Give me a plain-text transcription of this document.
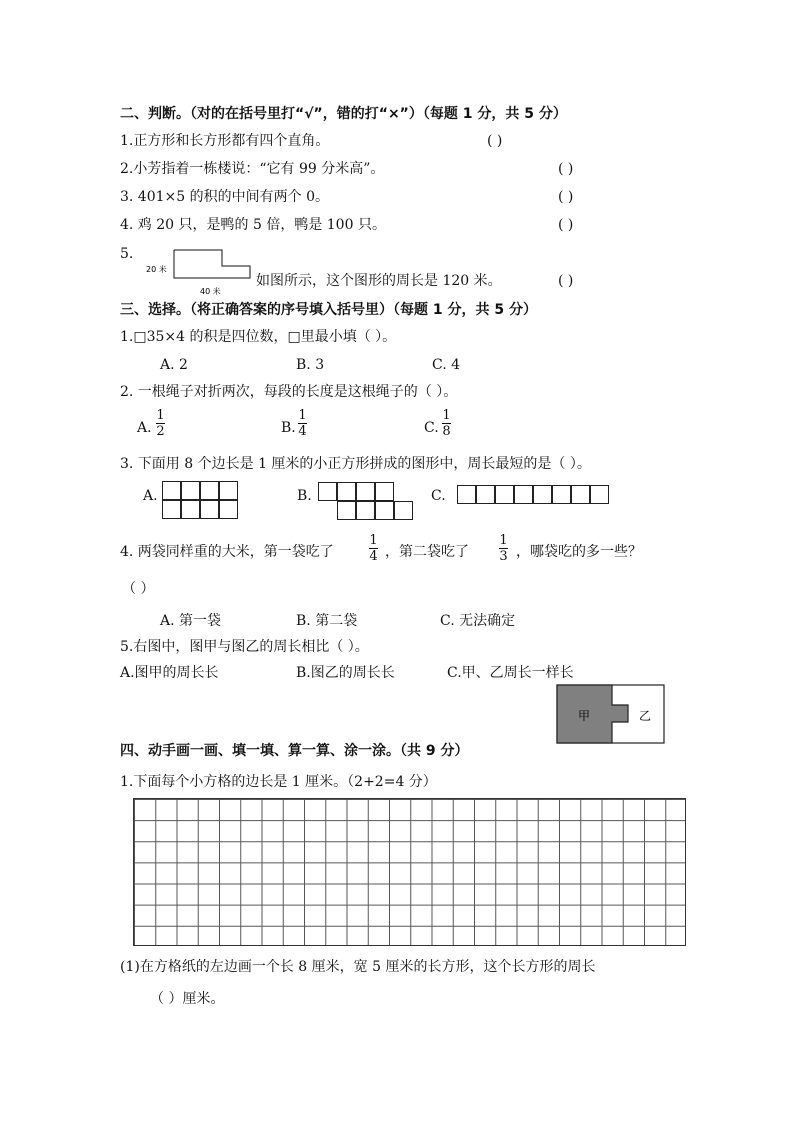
二、判断。（对的在括号里打“√”，错的打“×”）（每题 1 分，共 5 分）
1.正方形和长方形都有四个直角。	( )
2.小芳指着一栋楼说：“它有 99 分米高”。	( )
3. 401×5 的积的中间有两个 0。	( )
4. 鸡 20 只，是鸭的 5 倍，鸭是 100 只。	( )
5.
20 米
40 米
如图所示，这个图形的周长是 120 米。	( )
三、选择。（将正确答案的序号填入括号里）（每题 1 分，共 5 分）
1.□35×4 的积是四位数，□里最小填（ ）。
A. 2	B. 3	C. 4
2. 一根绳子对折两次，每段的长度是这根绳子的（ ）。
A.
1
2	B.
1
4	C.
1
8
3. 下面用 8 个边长是 1 厘米的小正方形拼成的图形中，周长最短的是（ ）。
A.	B.	C.
4. 两袋同样重的大米，第一袋吃了
1
4 ，第二袋吃了
1
3 ，哪袋吃的多一些？
（ ）
A. 第一袋	B. 第二袋	C. 无法确定
5.右图中，图甲与图乙的周长相比（ ）。
A.图甲的周长长	B.图乙的周长长	C.甲、乙周长一样长
甲	乙
四、动手画一画、填一填、算一算、涂一涂。（共 9 分）
1.下面每个小方格的边长是 1 厘米。（2+2=4 分）
(1)在方格纸的左边画一个长 8 厘米，宽 5 厘米的长方形，这个长方形的周长
（ ）厘米。
